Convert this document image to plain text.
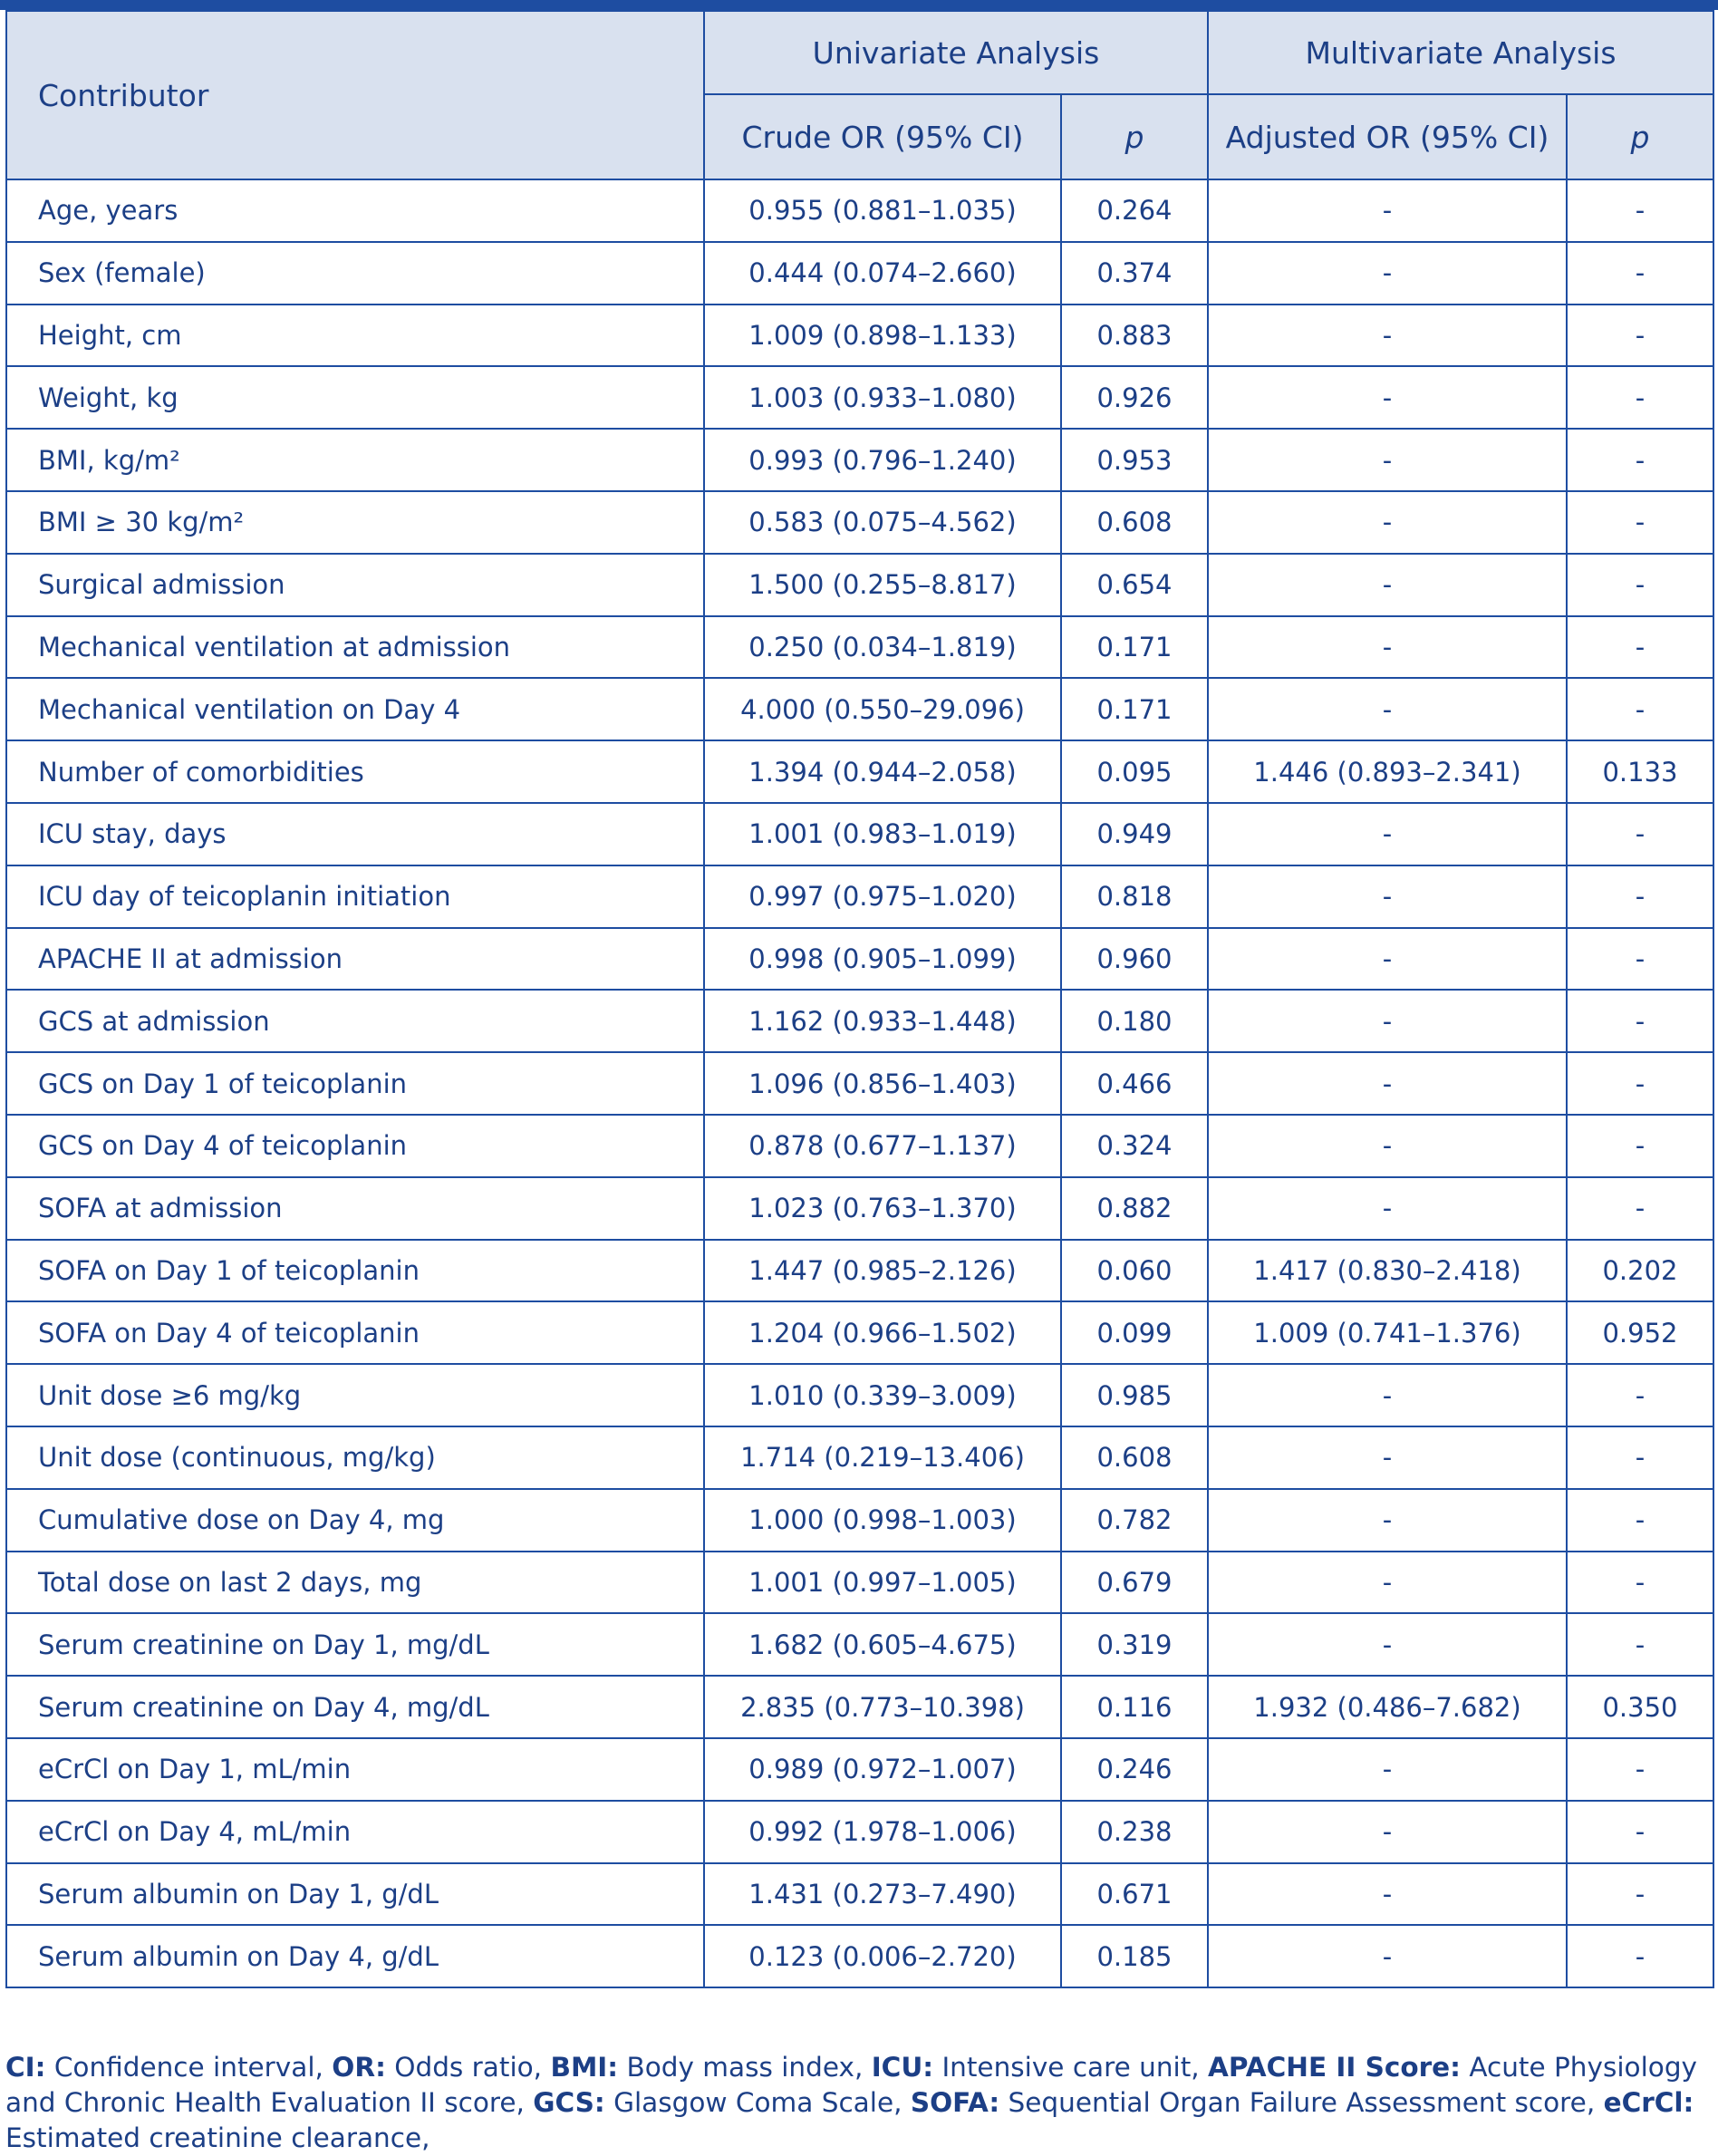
Contributor	Univariate Analysis		Multivariate Analysis	
	Crude OR (95% CI)	p	Adjusted OR (95% CI)	p
Age, years	0.955 (0.881–1.035)	0.264	-	-
Sex (female)	0.444 (0.074–2.660)	0.374	-	-
Height, cm	1.009 (0.898–1.133)	0.883	-	-
Weight, kg	1.003 (0.933–1.080)	0.926	-	-
BMI, kg/m²	0.993 (0.796–1.240)	0.953	-	-
BMI ≥ 30 kg/m²	0.583 (0.075–4.562)	0.608	-	-
Surgical admission	1.500 (0.255–8.817)	0.654	-	-
Mechanical ventilation at admission	0.250 (0.034–1.819)	0.171	-	-
Mechanical ventilation on Day 4	4.000 (0.550–29.096)	0.171	-	-
Number of comorbidities	1.394 (0.944–2.058)	0.095	1.446 (0.893–2.341)	0.133
ICU stay, days	1.001 (0.983–1.019)	0.949	-	-
ICU day of teicoplanin initiation	0.997 (0.975–1.020)	0.818	-	-
APACHE II at admission	0.998 (0.905–1.099)	0.960	-	-
GCS at admission	1.162 (0.933–1.448)	0.180	-	-
GCS on Day 1 of teicoplanin	1.096 (0.856–1.403)	0.466	-	-
GCS on Day 4 of teicoplanin	0.878 (0.677–1.137)	0.324	-	-
SOFA at admission	1.023 (0.763–1.370)	0.882	-	-
SOFA on Day 1 of teicoplanin	1.447 (0.985–2.126)	0.060	1.417 (0.830–2.418)	0.202
SOFA on Day 4 of teicoplanin	1.204 (0.966–1.502)	0.099	1.009 (0.741–1.376)	0.952
Unit dose ≥6 mg/kg	1.010 (0.339–3.009)	0.985	-	-
Unit dose (continuous, mg/kg)	1.714 (0.219–13.406)	0.608	-	-
Cumulative dose on Day 4, mg	1.000 (0.998–1.003)	0.782	-	-
Total dose on last 2 days, mg	1.001 (0.997–1.005)	0.679	-	-
Serum creatinine on Day 1, mg/dL	1.682 (0.605–4.675)	0.319	-	-
Serum creatinine on Day 4, mg/dL	2.835 (0.773–10.398)	0.116	1.932 (0.486–7.682)	0.350
eCrCl on Day 1, mL/min	0.989 (0.972–1.007)	0.246	-	-
eCrCl on Day 4, mL/min	0.992 (1.978–1.006)	0.238	-	-
Serum albumin on Day 1, g/dL	1.431 (0.273–7.490)	0.671	-	-
Serum albumin on Day 4, g/dL	0.123 (0.006–2.720)	0.185	-	-
CI: Confidence interval, OR: Odds ratio, BMI: Body mass index, ICU: Intensive care unit, APACHE II Score: Acute Physiology and Chronic Health Evaluation II score, GCS: Glasgow Coma Scale, SOFA: Sequential Organ Failure Assessment score, eCrCl: Estimated creatinine clearance,
